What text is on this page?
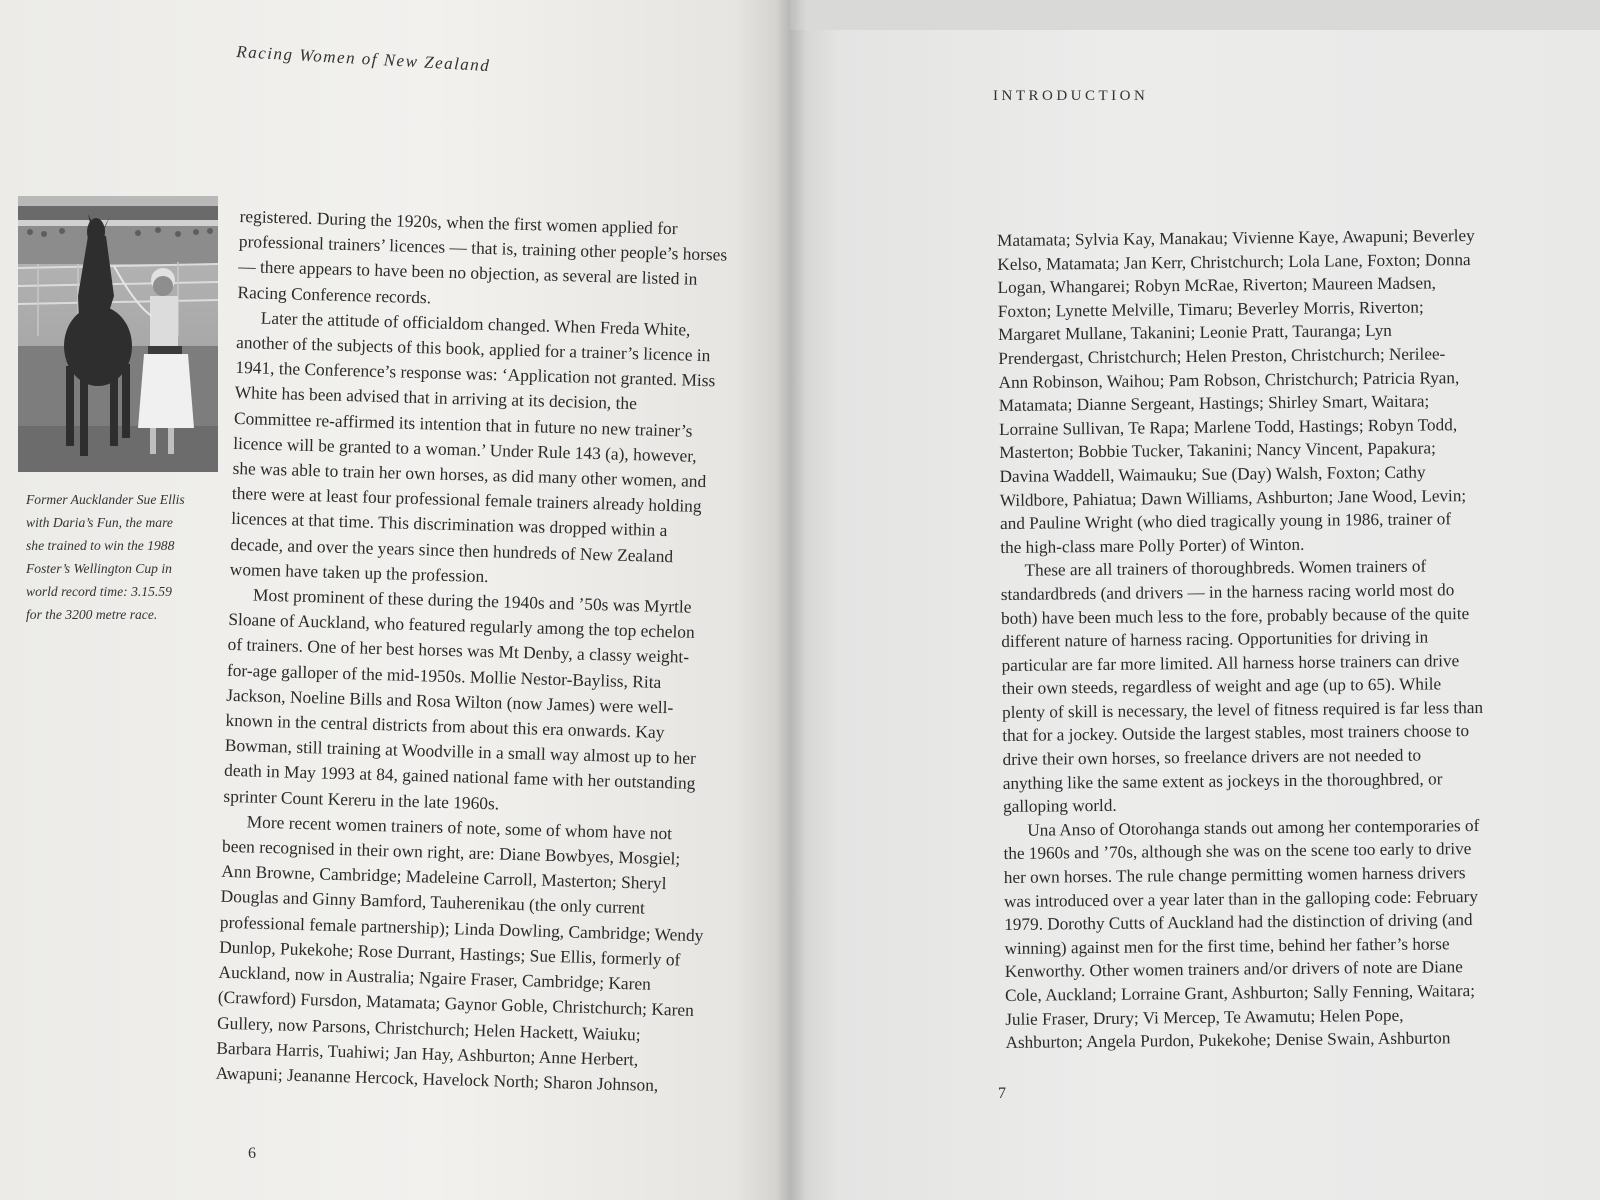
Racing Women of New Zealand
Former Aucklander Sue Ellis
with Daria’s Fun, the mare
she trained to win the 1988
Foster’s Wellington Cup in
world record time: 3.15.59
for the 3200 metre race.
registered. During the 1920s, when the first women applied for
professional trainers’ licences — that is, training other people’s horses
— there appears to have been no objection, as several are listed in
Racing Conference records.
Later the attitude of officialdom changed. When Freda White,
another of the subjects of this book, applied for a trainer’s licence in
1941, the Conference’s response was: ‘Application not granted. Miss
White has been advised that in arriving at its decision, the
Committee re-affirmed its intention that in future no new trainer’s
licence will be granted to a woman.’ Under Rule 143 (a), however,
she was able to train her own horses, as did many other women, and
there were at least four professional female trainers already holding
licences at that time. This discrimination was dropped within a
decade, and over the years since then hundreds of New Zealand
women have taken up the profession.
Most prominent of these during the 1940s and ’50s was Myrtle
Sloane of Auckland, who featured regularly among the top echelon
of trainers. One of her best horses was Mt Denby, a classy weight-
for-age galloper of the mid-1950s. Mollie Nestor-Bayliss, Rita
Jackson, Noeline Bills and Rosa Wilton (now James) were well-
known in the central districts from about this era onwards. Kay
Bowman, still training at Woodville in a small way almost up to her
death in May 1993 at 84, gained national fame with her outstanding
sprinter Count Kereru in the late 1960s.
More recent women trainers of note, some of whom have not
been recognised in their own right, are: Diane Bowbyes, Mosgiel;
Ann Browne, Cambridge; Madeleine Carroll, Masterton; Sheryl
Douglas and Ginny Bamford, Tauherenikau (the only current
professional female partnership); Linda Dowling, Cambridge; Wendy
Dunlop, Pukekohe; Rose Durrant, Hastings; Sue Ellis, formerly of
Auckland, now in Australia; Ngaire Fraser, Cambridge; Karen
(Crawford) Fursdon, Matamata; Gaynor Goble, Christchurch; Karen
Gullery, now Parsons, Christchurch; Helen Hackett, Waiuku;
Barbara Harris, Tuahiwi; Jan Hay, Ashburton; Anne Herbert,
Awapuni; Jeananne Hercock, Havelock North; Sharon Johnson,
6
INTRODUCTION
Matamata; Sylvia Kay, Manakau; Vivienne Kaye, Awapuni; Beverley
Kelso, Matamata; Jan Kerr, Christchurch; Lola Lane, Foxton; Donna
Logan, Whangarei; Robyn McRae, Riverton; Maureen Madsen,
Foxton; Lynette Melville, Timaru; Beverley Morris, Riverton;
Margaret Mullane, Takanini; Leonie Pratt, Tauranga; Lyn
Prendergast, Christchurch; Helen Preston, Christchurch; Nerilee-
Ann Robinson, Waihou; Pam Robson, Christchurch; Patricia Ryan,
Matamata; Dianne Sergeant, Hastings; Shirley Smart, Waitara;
Lorraine Sullivan, Te Rapa; Marlene Todd, Hastings; Robyn Todd,
Masterton; Bobbie Tucker, Takanini; Nancy Vincent, Papakura;
Davina Waddell, Waimauku; Sue (Day) Walsh, Foxton; Cathy
Wildbore, Pahiatua; Dawn Williams, Ashburton; Jane Wood, Levin;
and Pauline Wright (who died tragically young in 1986, trainer of
the high-class mare Polly Porter) of Winton.
These are all trainers of thoroughbreds. Women trainers of
standardbreds (and drivers — in the harness racing world most do
both) have been much less to the fore, probably because of the quite
different nature of harness racing. Opportunities for driving in
particular are far more limited. All harness horse trainers can drive
their own steeds, regardless of weight and age (up to 65). While
plenty of skill is necessary, the level of fitness required is far less than
that for a jockey. Outside the largest stables, most trainers choose to
drive their own horses, so freelance drivers are not needed to
anything like the same extent as jockeys in the thoroughbred, or
galloping world.
Una Anso of Otorohanga stands out among her contemporaries of
the 1960s and ’70s, although she was on the scene too early to drive
her own horses. The rule change permitting women harness drivers
was introduced over a year later than in the galloping code: February
1979. Dorothy Cutts of Auckland had the distinction of driving (and
winning) against men for the first time, behind her father’s horse
Kenworthy. Other women trainers and/or drivers of note are Diane
Cole, Auckland; Lorraine Grant, Ashburton; Sally Fenning, Waitara;
Julie Fraser, Drury; Vi Mercep, Te Awamutu; Helen Pope,
Ashburton; Angela Purdon, Pukekohe; Denise Swain, Ashburton
7
